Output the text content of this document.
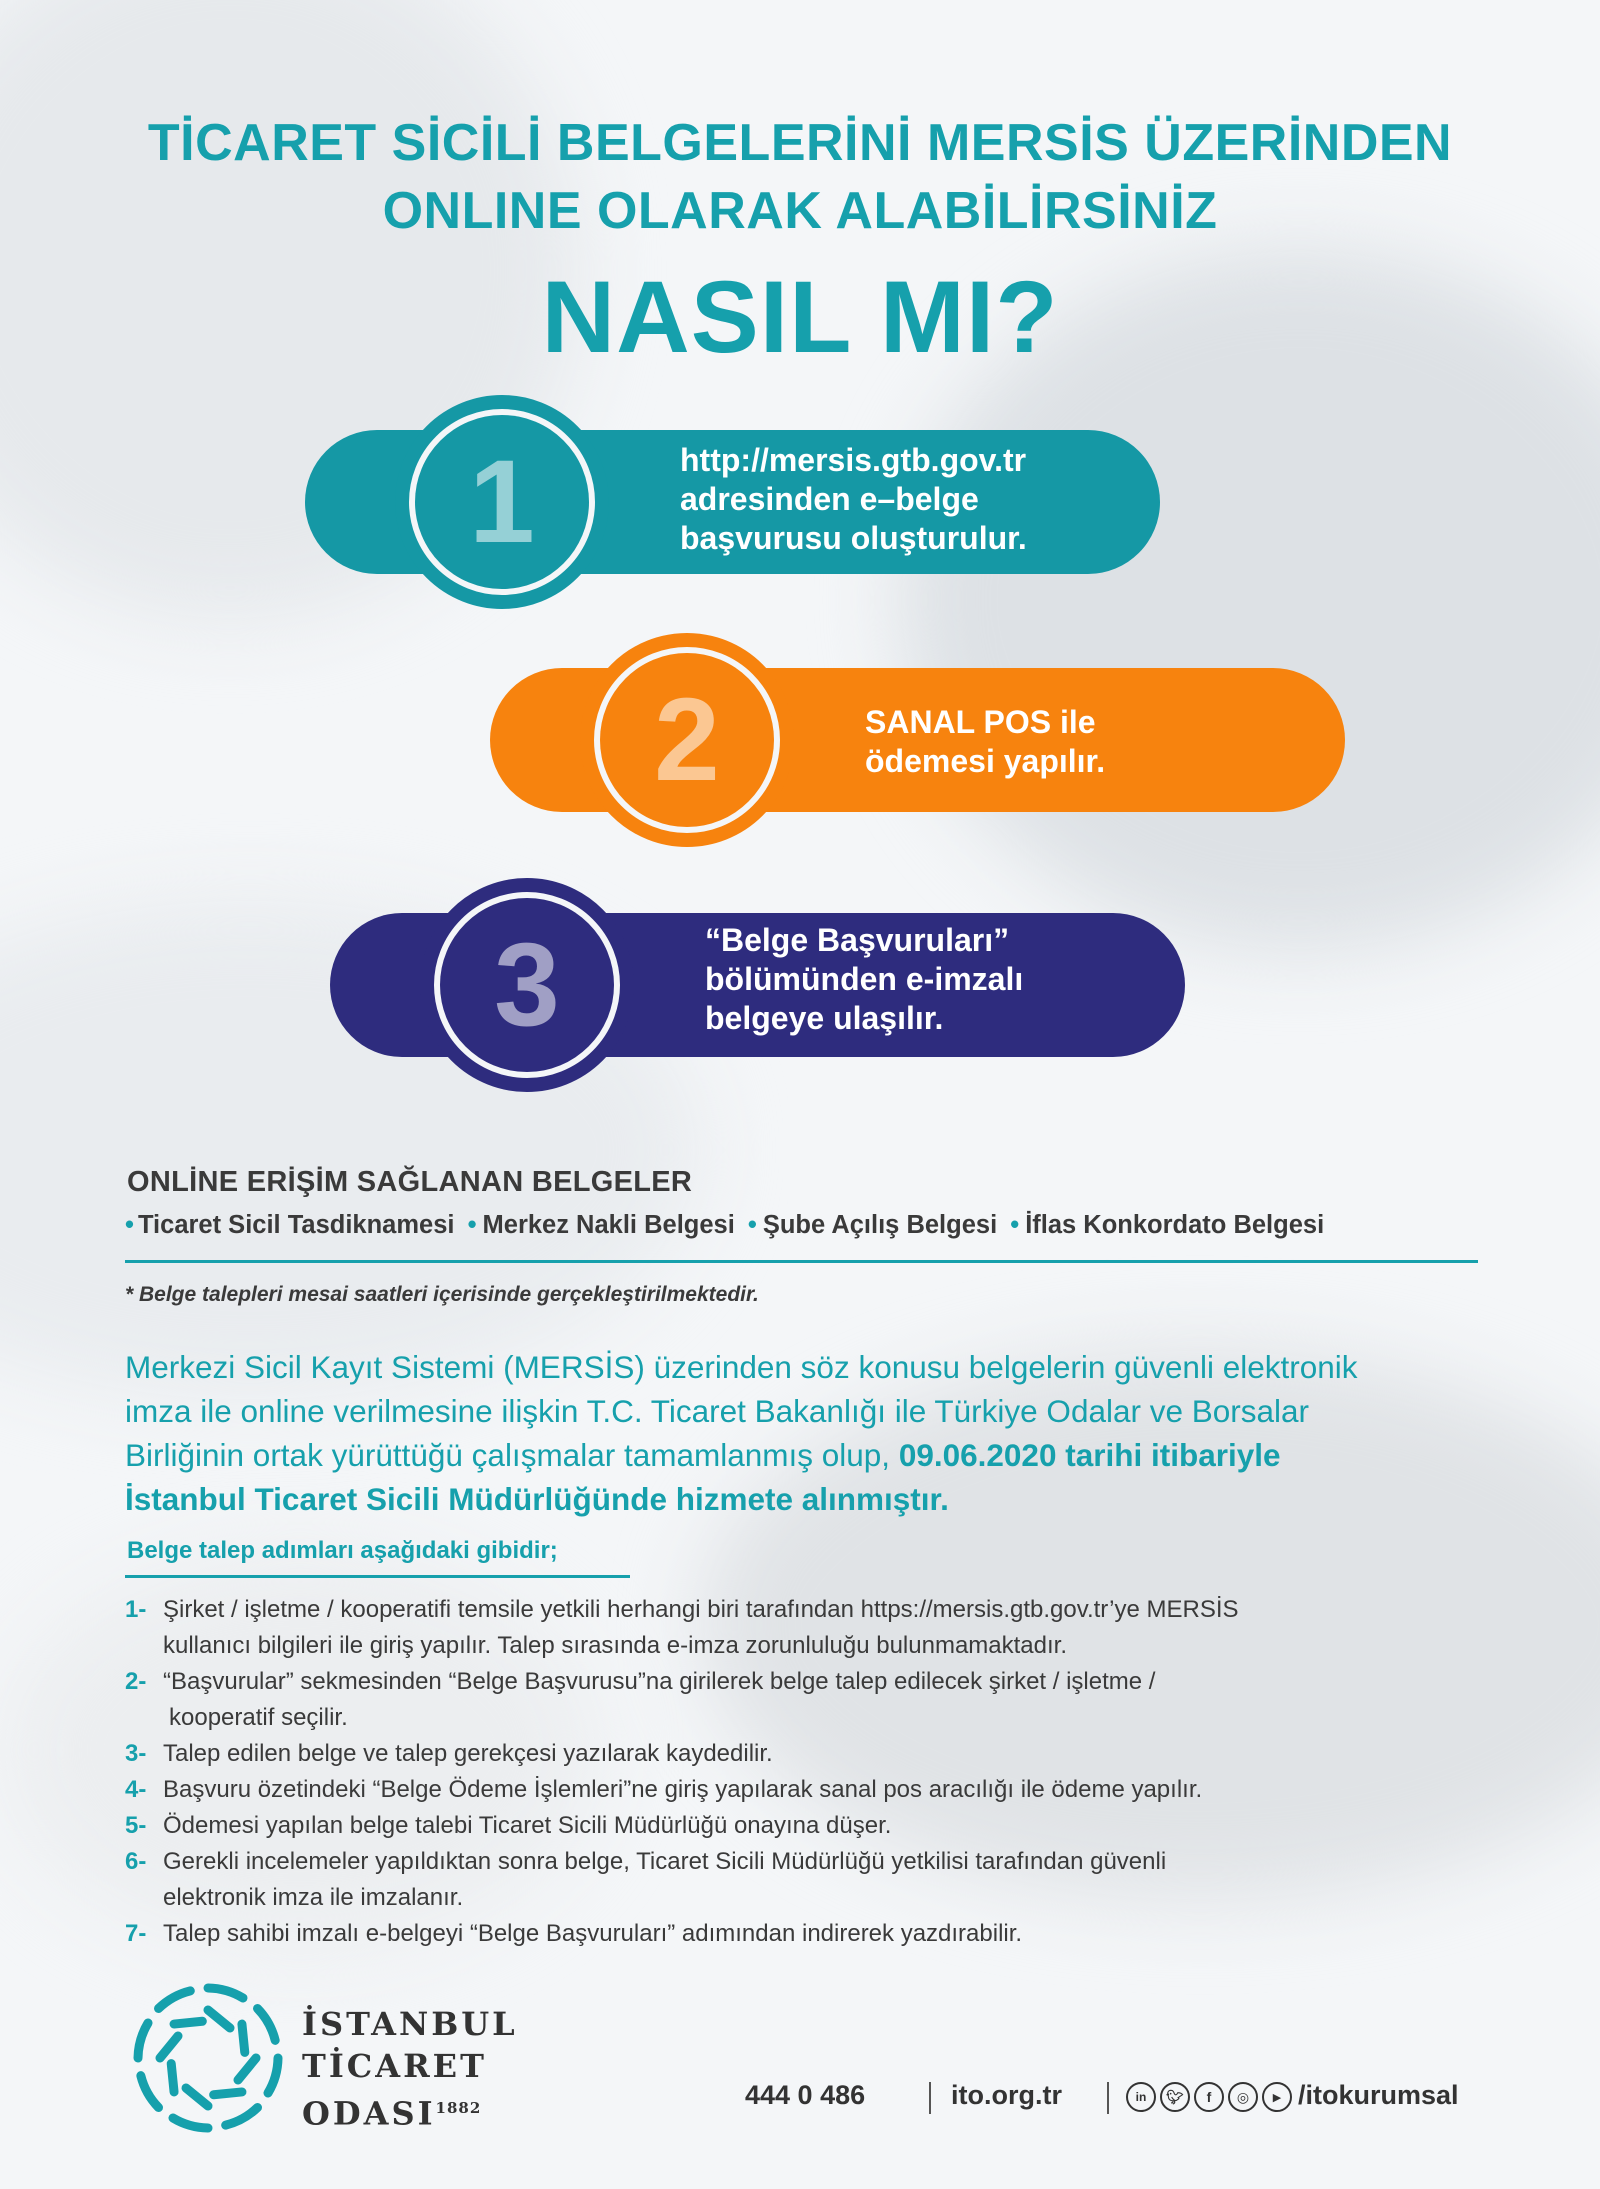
TİCARET SİCİLİ BELGELERİNİ MERSİS ÜZERİNDEN
ONLINE OLARAK ALABİLİRSİNİZ
NASIL MI?
1	http://mersis.gtb.gov.tr
adresinden e–belge
başvurusu oluşturulur.
2	SANAL POS ile
ödemesi yapılır.
3	“Belge Başvuruları”
bölümünden e-imzalı
belgeye ulaşılır.
ONLİNE ERİŞİM SAĞLANAN BELGELER
• Ticaret Sicil Tasdiknamesi • Merkez Nakli Belgesi • Şube Açılış Belgesi • İflas Konkordato Belgesi
* Belge talepleri mesai saatleri içerisinde gerçekleştirilmektedir.
Merkezi Sicil Kayıt Sistemi (MERSİS) üzerinden söz konusu belgelerin güvenli elektronik
imza ile online verilmesine ilişkin T.C. Ticaret Bakanlığı ile Türkiye Odalar ve Borsalar
Birliğinin ortak yürüttüğü çalışmalar tamamlanmış olup, 09.06.2020 tarihi itibariyle
İstanbul Ticaret Sicili Müdürlüğünde hizmete alınmıştır.
Belge talep adımları aşağıdaki gibidir;
1- Şirket / işletme / kooperatifi temsile yetkili herhangi biri tarafından https://mersis.gtb.gov.tr’ye MERSİS
kullanıcı bilgileri ile giriş yapılır. Talep sırasında e-imza zorunluluğu bulunmamaktadır.
2- “Başvurular” sekmesinden “Belge Başvurusu”na girilerek belge talep edilecek şirket / işletme /
kooperatif seçilir.
3- Talep edilen belge ve talep gerekçesi yazılarak kaydedilir.
4- Başvuru özetindeki “Belge Ödeme İşlemleri”ne giriş yapılarak sanal pos aracılığı ile ödeme yapılır.
5- Ödemesi yapılan belge talebi Ticaret Sicili Müdürlüğü onayına düşer.
6- Gerekli incelemeler yapıldıktan sonra belge, Ticaret Sicili Müdürlüğü yetkilisi tarafından güvenli
elektronik imza ile imzalanır.
7- Talep sahibi imzalı e-belgeyi “Belge Başvuruları” adımından indirerek yazdırabilir.
İSTANBUL
TİCARET
$ODASI^{1882}$	444 0 486	ito.org.tr	in	🐦︎	f	◎	▶ /itokurumsal
